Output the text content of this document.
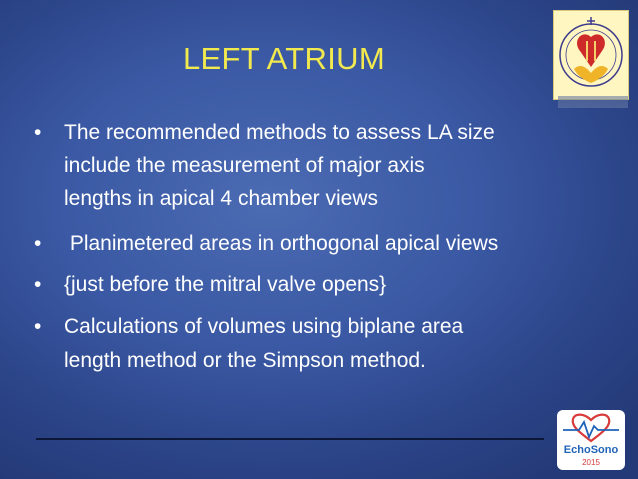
LEFT ATRIUM
•	The recommended methods to assess LA size
include the measurement of major axis
lengths in apical 4 chamber views
•	Planimetered areas in orthogonal apical views
•	{just before the mitral valve opens}
•	Calculations of volumes using biplane area
length method or the Simpson method.
EchoSono
2015
